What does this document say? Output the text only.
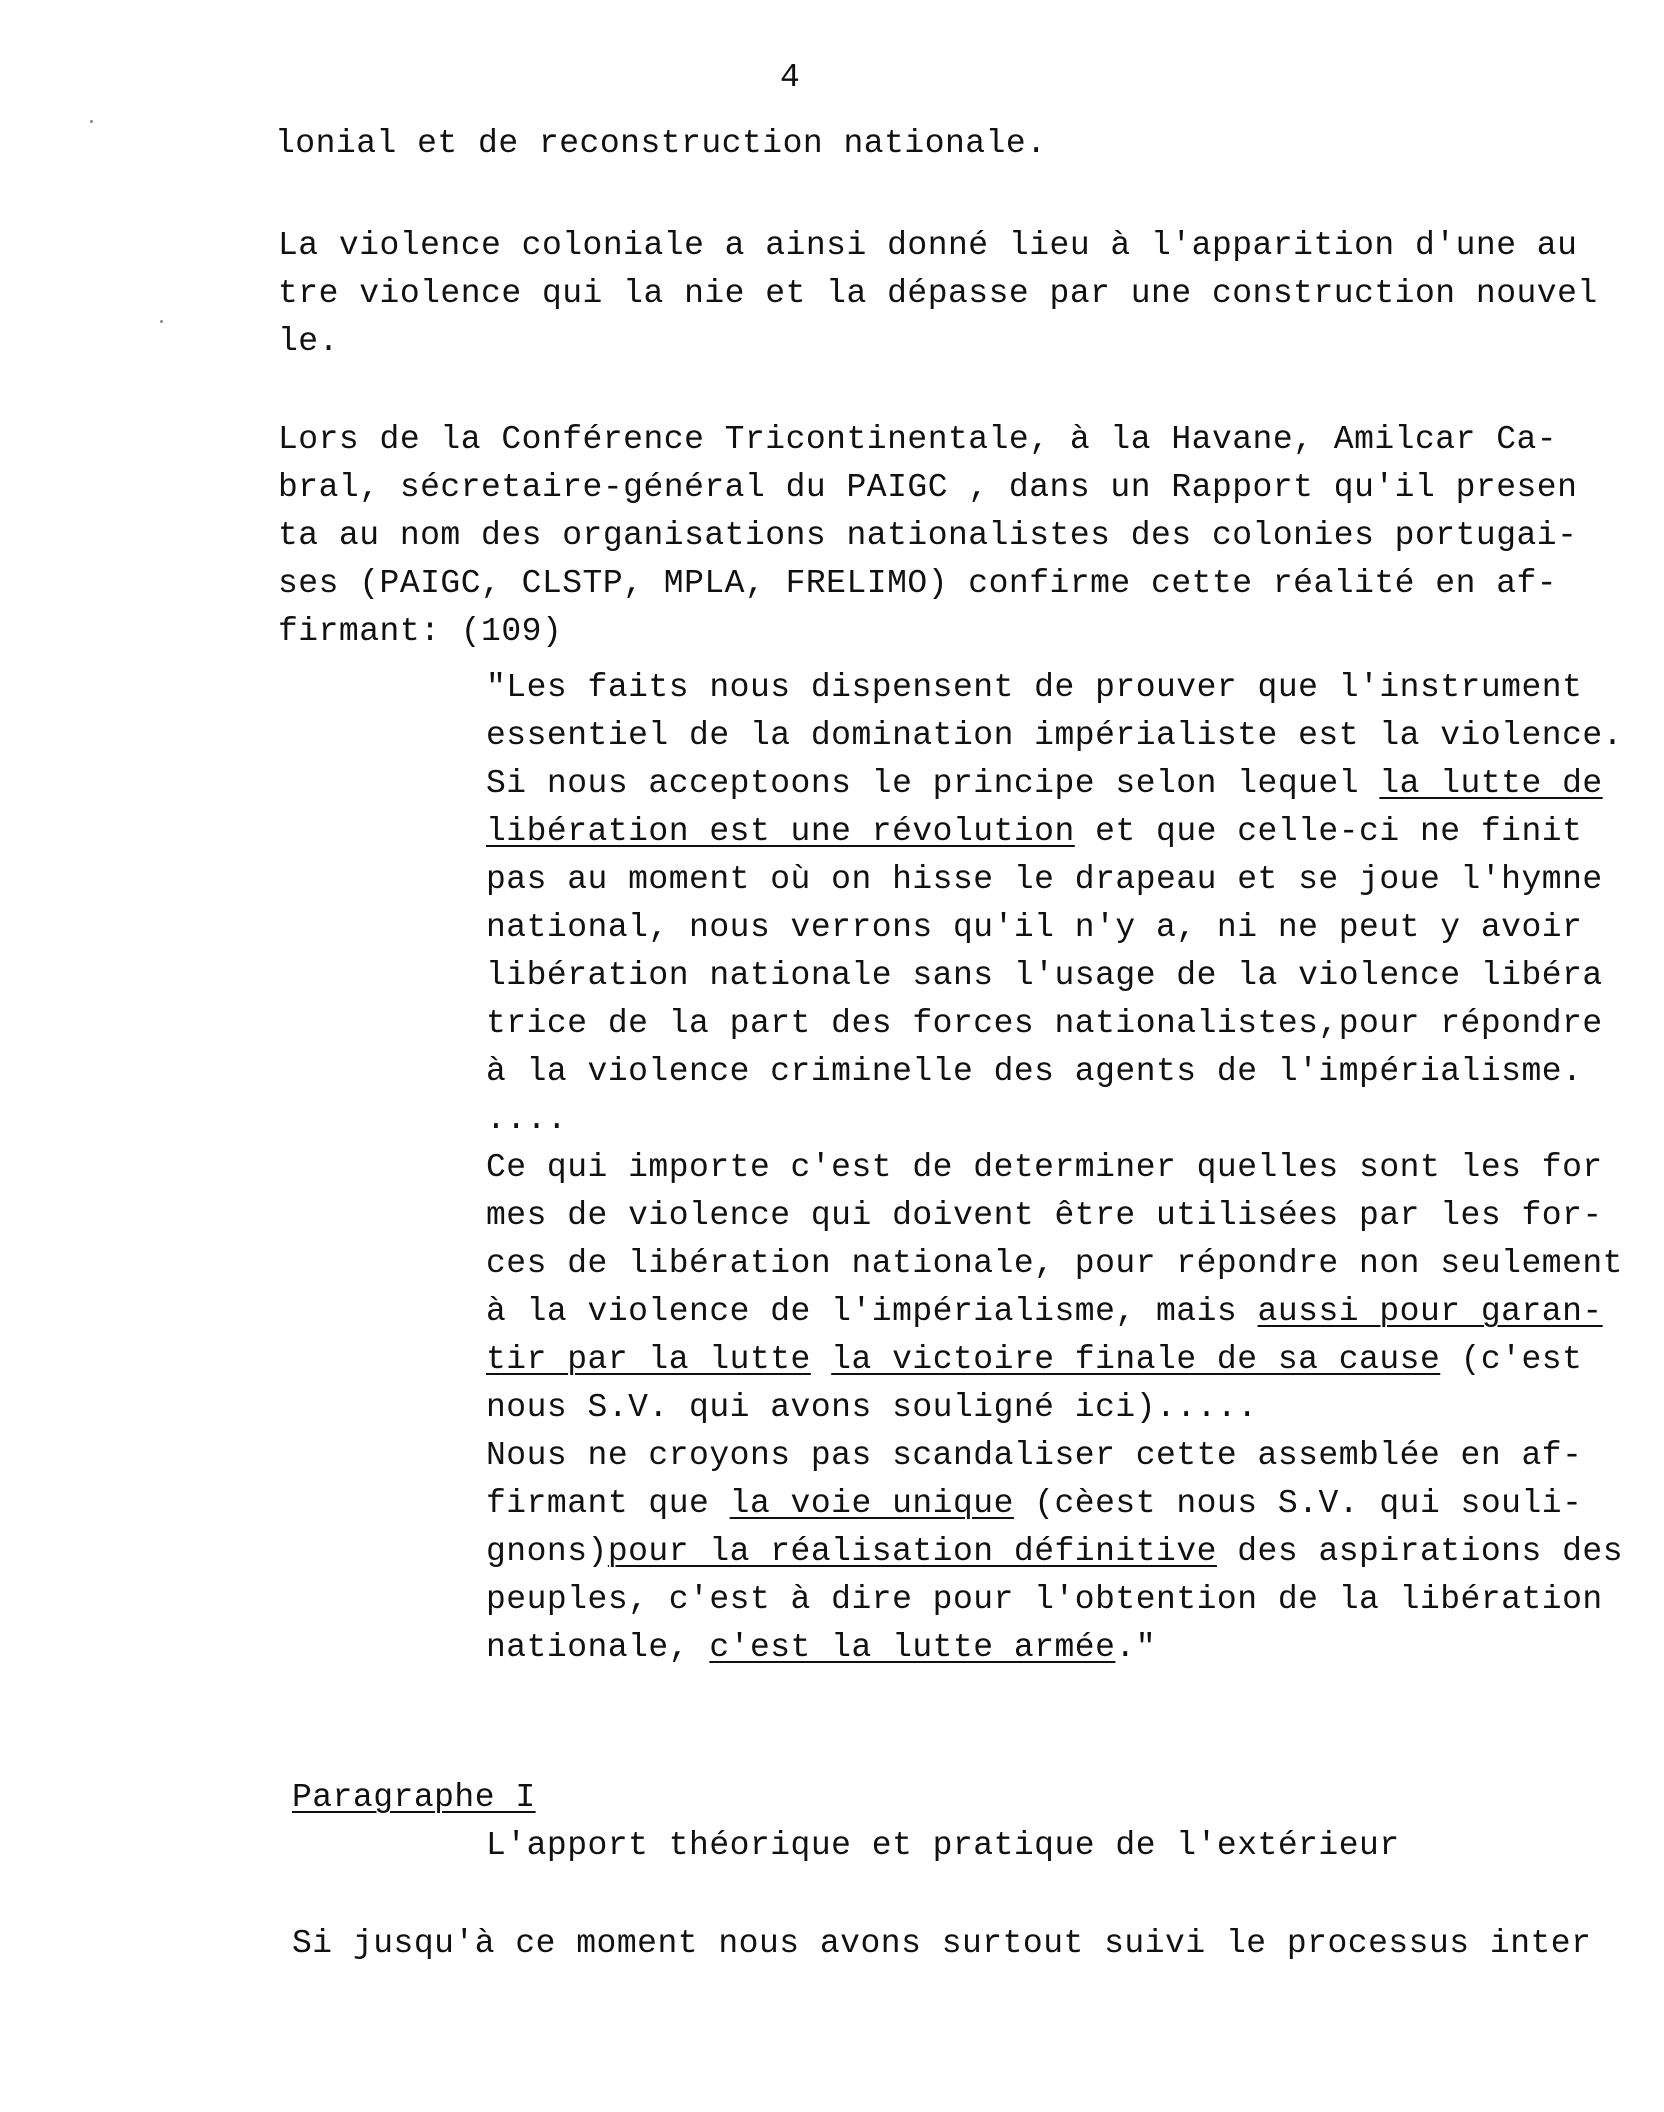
4
lonial et de reconstruction nationale.
La violence coloniale a ainsi donné lieu à l'apparition d'une au
tre violence qui la nie et la dépasse par une construction nouvel
le.
Lors de la Conférence Tricontinentale, à la Havane, Amilcar Ca-
bral, sécretaire-général du PAIGC , dans un Rapport qu'il presen
ta au nom des organisations nationalistes des colonies portugai-
ses (PAIGC, CLSTP, MPLA, FRELIMO) confirme cette réalité en af-
firmant: (109)
"Les faits nous dispensent de prouver que l'instrument
essentiel de la domination impérialiste est la violence.
Si nous acceptoons le principe selon lequel la lutte de
libération est une révolution et que celle-ci ne finit
pas au moment où on hisse le drapeau et se joue l'hymne
national, nous verrons qu'il n'y a, ni ne peut y avoir
libération nationale sans l'usage de la violence libéra
trice de la part des forces nationalistes,pour répondre
à la violence criminelle des agents de l'impérialisme.
....
Ce qui importe c'est de determiner quelles sont les for
mes de violence qui doivent être utilisées par les for-
ces de libération nationale, pour répondre non seulement
à la violence de l'impérialisme, mais aussi pour garan-
tir par la lutte la victoire finale de sa cause (c'est
nous S.V. qui avons souligné ici).....
Nous ne croyons pas scandaliser cette assemblée en af-
firmant que la voie unique (cèest nous S.V. qui souli-
gnons)pour la réalisation définitive des aspirations des
peuples, c'est à dire pour l'obtention de la libération
nationale, c'est la lutte armée."
Paragraphe I
L'apport théorique et pratique de l'extérieur
Si jusqu'à ce moment nous avons surtout suivi le processus inter
